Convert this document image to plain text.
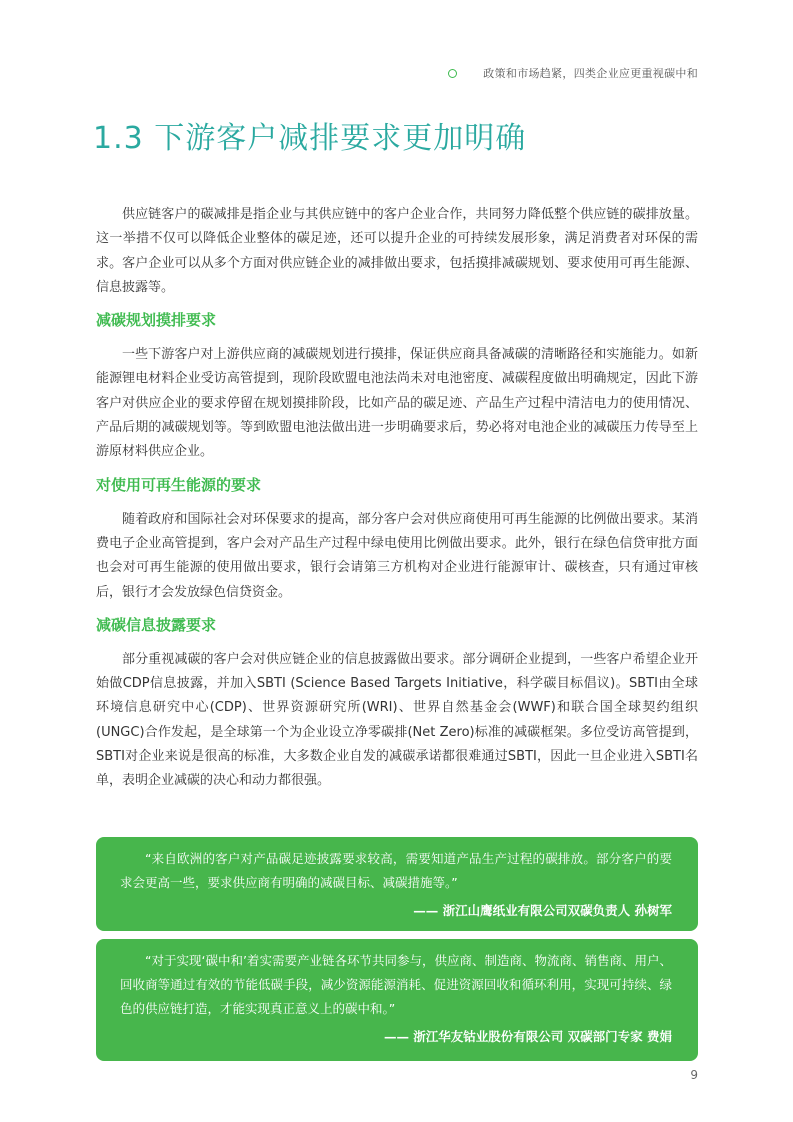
政策和市场趋紧，四类企业应更重视碳中和
1.3 下游客户减排要求更加明确

供应链客户的碳减排是指企业与其供应链中的客户企业合作，共同努力降低整个供应链的碳排放量。这一举措不仅可以降低企业整体的碳足迹，还可以提升企业的可持续发展形象，满足消费者对环保的需求。客户企业可以从多个方面对供应链企业的减排做出要求，包括摸排减碳规划、要求使用可再生能源、信息披露等。

减碳规划摸排要求

一些下游客户对上游供应商的减碳规划进行摸排，保证供应商具备减碳的清晰路径和实施能力。如新能源锂电材料企业受访高管提到，现阶段欧盟电池法尚未对电池密度、减碳程度做出明确规定，因此下游客户对供应企业的要求停留在规划摸排阶段，比如产品的碳足迹、产品生产过程中清洁电力的使用情况、产品后期的减碳规划等。等到欧盟电池法做出进一步明确要求后，势必将对电池企业的减碳压力传导至上游原材料供应企业。

对使用可再生能源的要求

随着政府和国际社会对环保要求的提高，部分客户会对供应商使用可再生能源的比例做出要求。某消费电子企业高管提到，客户会对产品生产过程中绿电使用比例做出要求。此外，银行在绿色信贷审批方面也会对可再生能源的使用做出要求，银行会请第三方机构对企业进行能源审计、碳核查，只有通过审核后，银行才会发放绿色信贷资金。

减碳信息披露要求

部分重视减碳的客户会对供应链企业的信息披露做出要求。部分调研企业提到，一些客户希望企业开始做CDP信息披露，并加入SBTI (Science Based Targets Initiative，科学碳目标倡议)。SBTI由全球环境信息研究中心(CDP)、世界资源研究所(WRI)、世界自然基金会(WWF)和联合国全球契约组织(UNGC)合作发起，是全球第一个为企业设立净零碳排(Net Zero)标准的减碳框架。多位受访高管提到，SBTI对企业来说是很高的标准，大多数企业自发的减碳承诺都很难通过SBTI，因此一旦企业进入SBTI名单，表明企业减碳的决心和动力都很强。

“来自欧洲的客户对产品碳足迹披露要求较高，需要知道产品生产过程的碳排放。部分客户的要求会更高一些，要求供应商有明确的减碳目标、减碳措施等。”

—— 浙江山鹰纸业有限公司双碳负责人 孙树军

“对于实现‘碳中和’着实需要产业链各环节共同参与，供应商、制造商、物流商、销售商、用户、回收商等通过有效的节能低碳手段，减少资源能源消耗、促进资源回收和循环利用，实现可持续、绿色的供应链打造，才能实现真正意义上的碳中和。”

—— 浙江华友钴业股份有限公司 双碳部门专家 费娟

9
